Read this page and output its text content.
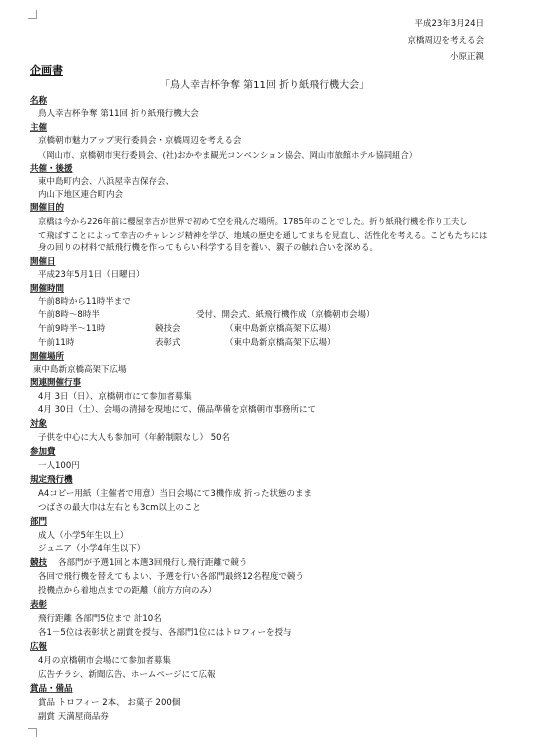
平成23年3月24日
京橋周辺を考える会
小原正親
企画書
「鳥人幸吉杯争奪 第11回 折り紙飛行機大会」
名称
鳥人幸吉杯争奪 第11回 折り紙飛行機大会
主催
京橋朝市魅力アップ実行委員会・京橋周辺を考える会
（岡山市、京橋朝市実行委員会、(社)おかやま観光コンベンション協会、岡山市旅館ホテル協同組合）
共催・後援
東中島町内会、八浜屋幸吉保存会、
内山下地区連合町内会
開催目的
京橋は今から226年前に櫻屋幸吉が世界で初めて空を飛んだ場所。1785年のことでした。折り紙飛行機を作り工夫し
て飛ばすことによって幸吉のチャレンジ精神を学び、地域の歴史を通してまちを見直し、活性化を考える。こどもたちには
身の回りの材料で紙飛行機を作ってもらい科学する目を養い、親子の触れ合いを深める。
開催日
平成23年5月1日（日曜日）
開催時間
午前8時から11時半まで
午前8時～8時半	受付、開会式、紙飛行機作成（京橋朝市会場）
午前9時半～11時	競技会	（東中島新京橋高架下広場）
午前11時	表彰式	（東中島新京橋高架下広場）
開催場所
東中島新京橋高架下広場
関連開催行事
4月 3日（日）、京橋朝市にて参加者募集
4月 30日（土）、会場の清掃を現地にて、備品準備を京橋朝市事務所にて
対象
子供を中心に大人も参加可（年齢制限なし） 50名
参加費
一人100円
規定飛行機
A4コピー用紙（主催者で用意）当日会場にて3機作成 折った状態のまま
つばさの最大巾は左右とも3cm以上のこと
部門
成人（小学5年生以上）
ジュニア（小学4年生以下）
競技 各部門が予選1回と本選3回飛行し飛行距離で競う
各回で飛行機を替えてもよい、予選を行い各部門最終12名程度で競う
投機点から着地点までの距離（前方方向のみ）
表彰
飛行距離 各部門5位まで 計10名
各1－5位は表彰状と副賞を授与、各部門1位にはトロフィーを授与
広報
4月の京橋朝市会場にて参加者募集
広告チラシ、新聞広告、ホームページにて広報
賞品・備品
賞品 トロフィー 2本、 お菓子 200個
副賞 天満屋商品券
